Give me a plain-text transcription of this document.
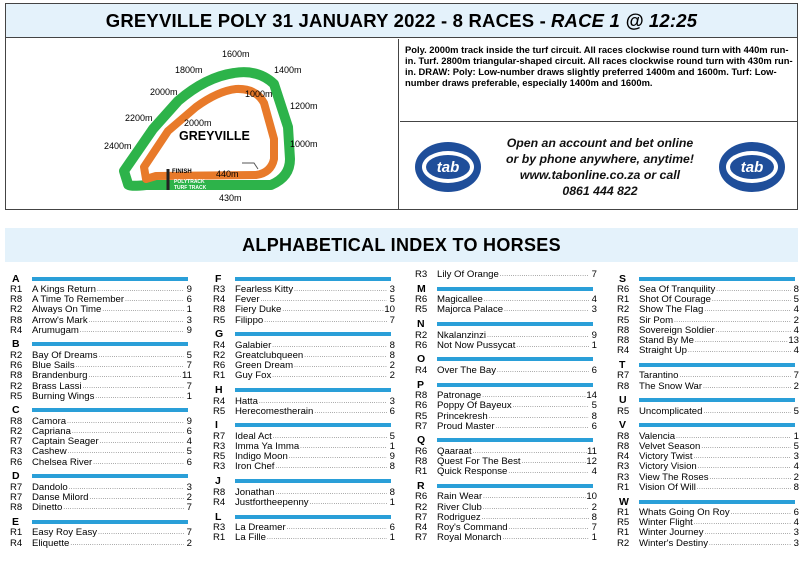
GREYVILLE POLY 31 JANUARY 2022 - 8 RACES - RACE 1 @ 12:25
1600m
1800m	1400m
2000m	1000m
1200m
2200m	2000m
1000m
2400m
440m
430m
GREYVILLE
FINISH
POLYTRACK
TURF TRACK
Poly. 2000m track inside the turf circuit. All races clockwise round turn with 440m run-in. Turf. 2800m triangular-shaped circuit. All races clockwise round turn with 430m run-in. DRAW: Poly: Low-number draws slightly preferred 1400m and 1600m. Turf: Low-number draws preferable, especially 1400m and 1600m.
tab
Open an account and bet online
or by phone anywhere, anytime!
www.tabonline.co.za or call
0861 444 822
tab
ALPHABETICAL INDEX TO HORSES
A
R1	A Kings Return .....	9
R8	A Time To Remember .....	6
R2	Always On Time .....	1
R8	Arrow's Mark .....	3
R4	Arumugam .....	9
B
R2	Bay Of Dreams .....	5
R6	Blue Sails .....	7
R8	Brandenburg .....	11
R2	Brass Lassi .....	7
R5	Burning Wings .....	1
C
R8	Camora .....	9
R2	Capriana .....	6
R7	Captain Seager .....	4
R3	Cashew .....	5
R6	Chelsea River .....	6
D
R7	Dandolo .....	3
R7	Danse Milord .....	2
R8	Dinetto .....	7
E
R1	Easy Roy Easy .....	7
R4	Eliquette .....	2
F
R3	Fearless Kitty .....	3
R4	Fever .....	5
R8	Fiery Duke .....	10
R5	Filippo .....	7
G
R4	Galabier .....	8
R2	Greatclubqueen .....	8
R6	Green Dream .....	2
R1	Guy Fox .....	2
H
R4	Hatta .....	3
R5	Herecomestherain .....	6
I
R7	Ideal Act .....	5
R3	Imma Ya Imma .....	1
R5	Indigo Moon .....	9
R3	Iron Chef .....	8
J
R8	Jonathan .....	8
R4	Justfortheepenny .....	1
L
R3	La Dreamer .....	6
R1	La Fille .....	1
R3	Lily Of Orange .....	7
M
R6	Magicallee .....	4
R5	Majorca Palace .....	3
N
R2	Nkalanzinzi .....	9
R6	Not Now Pussycat .....	1
O
R4	Over The Bay .....	6
P
R8	Patronage .....	14
R6	Poppy Of Bayeux .....	5
R5	Princekresh .....	8
R7	Proud Master .....	6
Q
R6	Qaaraat .....	11
R8	Quest For The Best .....	12
R1	Quick Response .....	4
R
R6	Rain Wear .....	10
R2	River Club .....	2
R7	Rodriguez .....	8
R4	Roy's Command .....	7
R7	Royal Monarch .....	1
S
R6	Sea Of Tranquility .....	8
R1	Shot Of Courage .....	5
R2	Show The Flag .....	4
R5	Sir Pom .....	2
R8	Sovereign Soldier .....	4
R8	Stand By Me .....	13
R4	Straight Up .....	4
T
R7	Tarantino .....	7
R8	The Snow War .....	2
U
R5	Uncomplicated .....	5
V
R8	Valencia .....	1
R8	Velvet Season .....	5
R4	Victory Twist .....	3
R3	Victory Vision .....	4
R3	View The Roses .....	2
R1	Vision Of Will .....	8
W
R1	Whats Going On Roy .....	6
R5	Winter Flight .....	4
R1	Winter Journey .....	3
R2	Winter's Destiny .....	3
